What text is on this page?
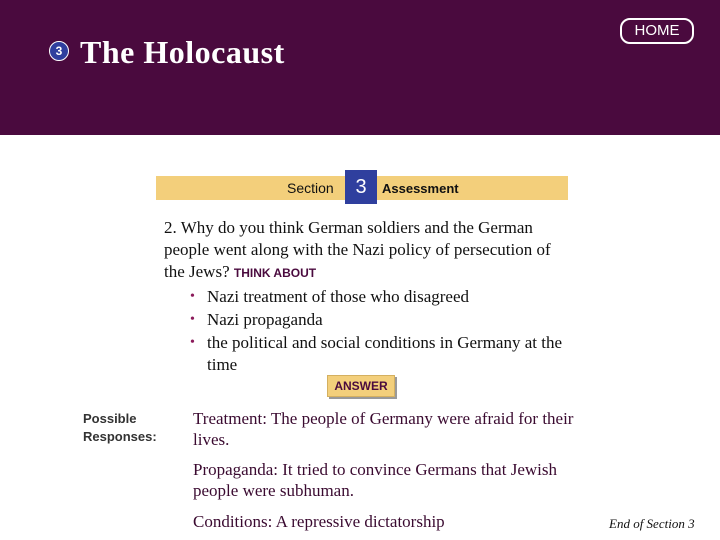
3 The Holocaust
HOME
Section	3	Assessment
2. Why do you think German soldiers and the German people went along with the Nazi policy of persecution of the Jews? THINK ABOUT
• Nazi treatment of those who disagreed
• Nazi propaganda
• the political and social conditions in Germany at the time
ANSWER
Possible
Responses:
Treatment: The people of Germany were afraid for their lives.
Propaganda: It tried to convince Germans that Jewish people were subhuman.
Conditions: A repressive dictatorship	End of Section 3
